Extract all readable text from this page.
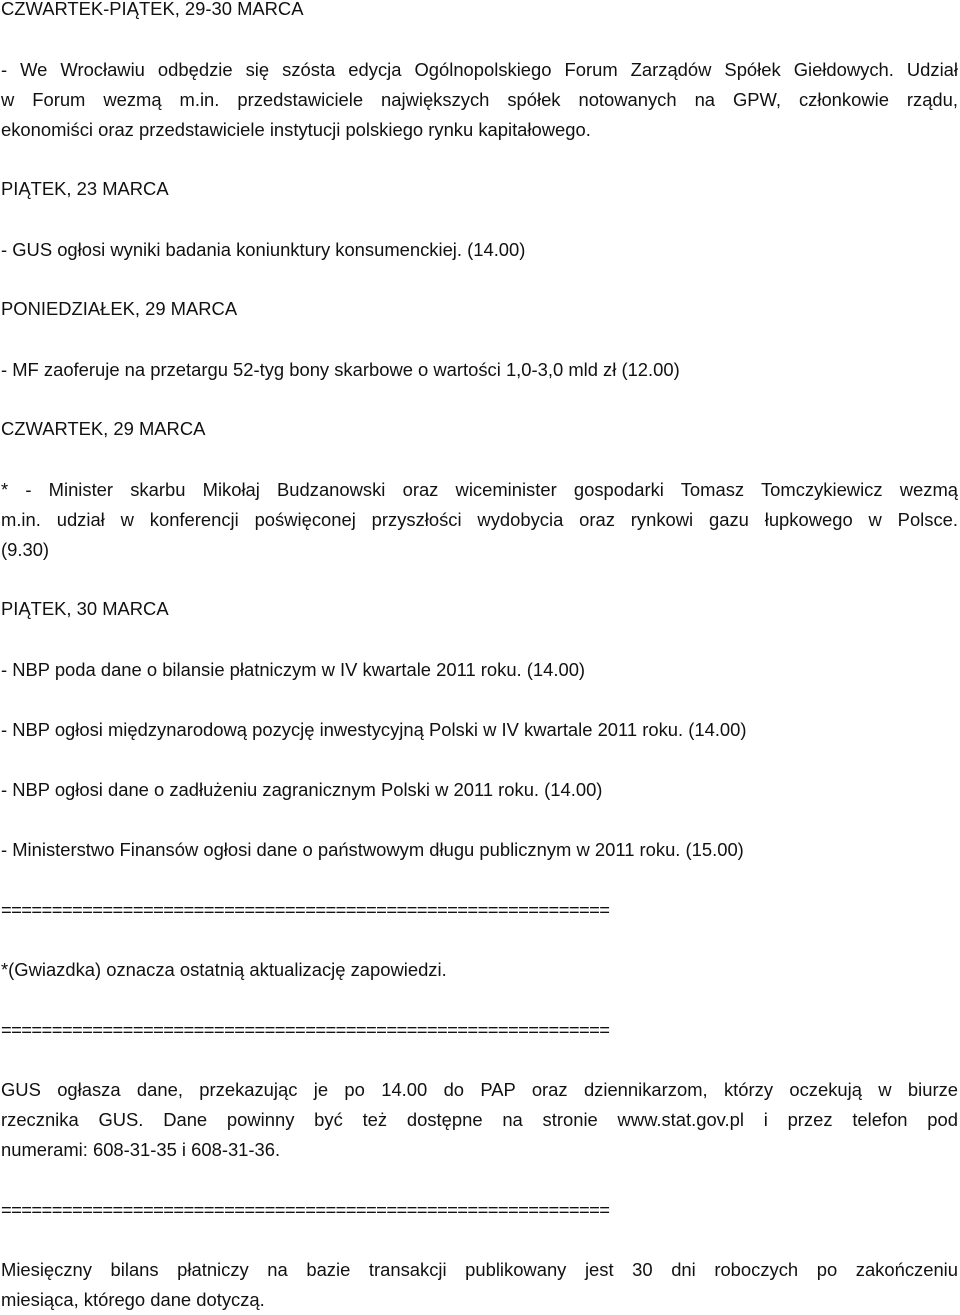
CZWARTEK-PIĄTEK, 29-30 MARCA
- We Wrocławiu odbędzie się szósta edycja Ogólnopolskiego Forum Zarządów Spółek Giełdowych. Udział
w Forum wezmą m.in. przedstawiciele największych spółek notowanych na GPW, członkowie rządu,
ekonomiści oraz przedstawiciele instytucji polskiego rynku kapitałowego.
PIĄTEK, 23 MARCA
- GUS ogłosi wyniki badania koniunktury konsumenckiej. (14.00)
PONIEDZIAŁEK, 29 MARCA
- MF zaoferuje na przetargu 52-tyg bony skarbowe o wartości 1,0-3,0 mld zł (12.00)
CZWARTEK, 29 MARCA
* - Minister skarbu Mikołaj Budzanowski oraz wiceminister gospodarki Tomasz Tomczykiewicz wezmą
m.in. udział w konferencji poświęconej przyszłości wydobycia oraz rynkowi gazu łupkowego w Polsce.
(9.30)
PIĄTEK, 30 MARCA
- NBP poda dane o bilansie płatniczym w IV kwartale 2011 roku. (14.00)
- NBP ogłosi międzynarodową pozycję inwestycyjną Polski w IV kwartale 2011 roku. (14.00)
- NBP ogłosi dane o zadłużeniu zagranicznym Polski w 2011 roku. (14.00)
- Ministerstwo Finansów ogłosi dane o państwowym długu publicznym w 2011 roku. (15.00)
============================================================
*(Gwiazdka) oznacza ostatnią aktualizację zapowiedzi.
============================================================
GUS ogłasza dane, przekazując je po 14.00 do PAP oraz dziennikarzom, którzy oczekują w biurze
rzecznika GUS. Dane powinny być też dostępne na stronie www.stat.gov.pl i przez telefon pod
numerami: 608-31-35 i 608-31-36.
============================================================
Miesięczny bilans płatniczy na bazie transakcji publikowany jest 30 dni roboczych po zakończeniu
miesiąca, którego dane dotyczą.
